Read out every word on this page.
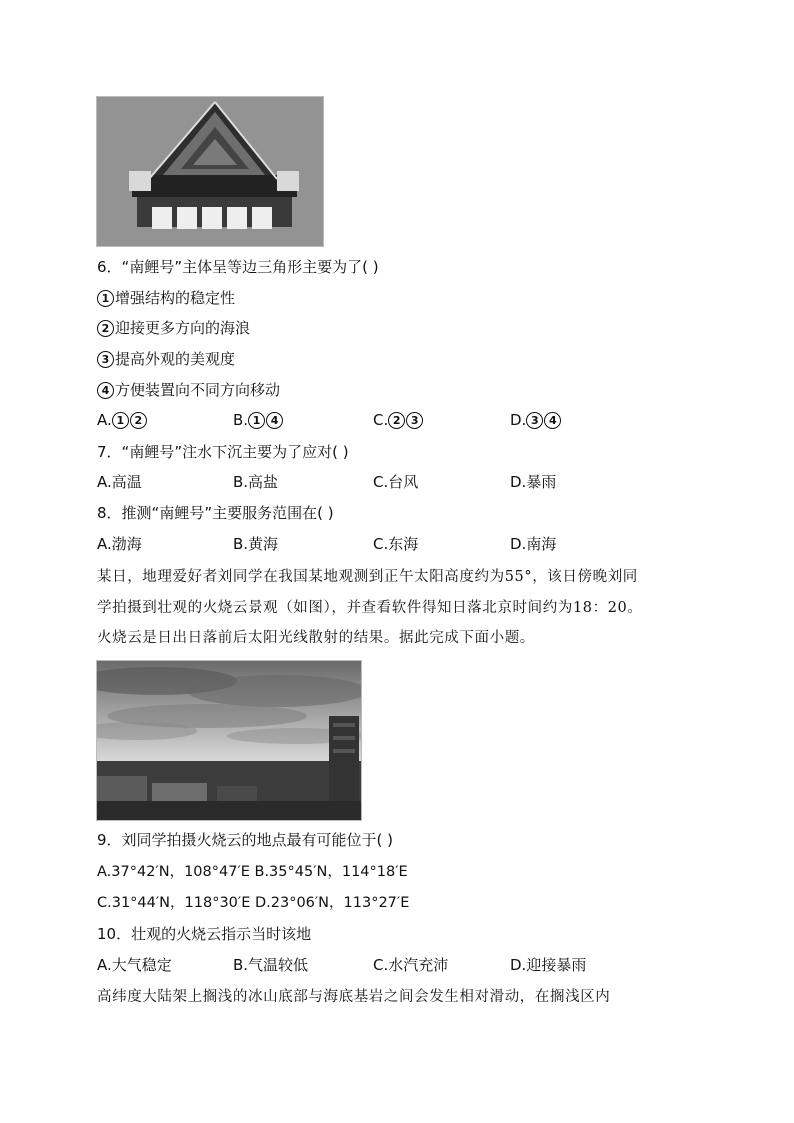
6．“南鲤号”主体呈等边三角形主要为了( )
1 增强结构的稳定性
2 迎接更多方向的海浪
3 提高外观的美观度
4 方便装置向不同方向移动
A. 1 2	B. 1 4	C. 2 3	D. 3 4
7．“南鲤号”注水下沉主要为了应对( )
A.高温	B.高盐	C.台风	D.暴雨
8．推测“南鲤号”主要服务范围在( )
A.渤海	B.黄海	C.东海	D.南海
某日，地理爱好者刘同学在我国某地观测到正午太阳高度约为55°，该日傍晚刘同
学拍摄到壮观的火烧云景观（如图），并查看软件得知日落北京时间约为18：20。
火烧云是日出日落前后太阳光线散射的结果。据此完成下面小题。
9．刘同学拍摄火烧云的地点最有可能位于( )
A.37°42′N，108°47′E B.35°45′N，114°18′E
C.31°44′N，118°30′E D.23°06′N，113°27′E
10．壮观的火烧云指示当时该地
A.大气稳定	B.气温较低	C.水汽充沛	D.迎接暴雨
高纬度大陆架上搁浅的冰山底部与海底基岩之间会发生相对滑动，在搁浅区内
